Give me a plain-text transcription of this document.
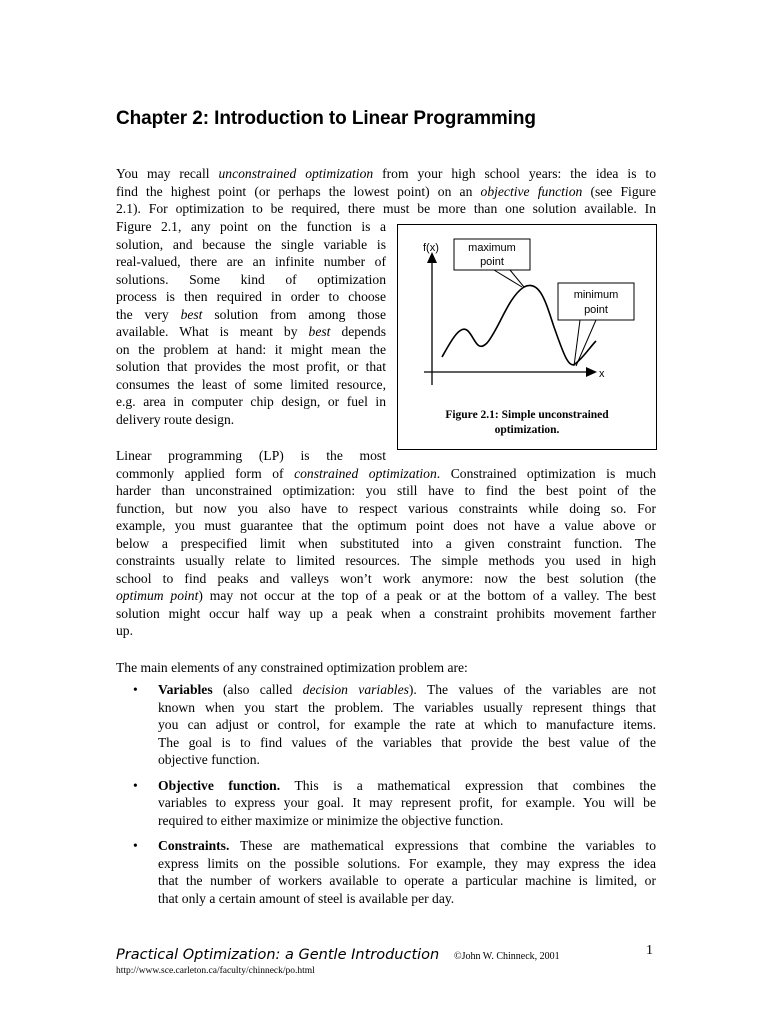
Chapter 2: Introduction to Linear Programming
You may recall unconstrained optimization from your high school years: the idea is to
find the highest point (or perhaps the lowest point) on an objective function (see Figure
2.1). For optimization to be required, there must be more than one solution available. In
Figure 2.1, any point on the function is a
solution, and because the single variable is
real-valued, there are an infinite number of
solutions. Some kind of optimization
process is then required in order to choose
the very best solution from among those
available. What is meant by best depends
on the problem at hand: it might mean the
solution that provides the most profit, or that
consumes the least of some limited resource,
e.g. area in computer chip design, or fuel in
delivery route design.
f(x)
x
maximum
point
minimum
point
Figure 2.1: Simple unconstrained
optimization.
Linear programming (LP) is the most
commonly applied form of constrained optimization. Constrained optimization is much
harder than unconstrained optimization: you still have to find the best point of the
function, but now you also have to respect various constraints while doing so. For
example, you must guarantee that the optimum point does not have a value above or
below a prespecified limit when substituted into a given constraint function. The
constraints usually relate to limited resources. The simple methods you used in high
school to find peaks and valleys won’t work anymore: now the best solution (the
optimum point) may not occur at the top of a peak or at the bottom of a valley. The best
solution might occur half way up a peak when a constraint prohibits movement farther
up.
The main elements of any constrained optimization problem are:
• Variables (also called decision variables). The values of the variables are not
known when you start the problem. The variables usually represent things that
you can adjust or control, for example the rate at which to manufacture items.
The goal is to find values of the variables that provide the best value of the
objective function.
• Objective function. This is a mathematical expression that combines the
variables to express your goal. It may represent profit, for example. You will be
required to either maximize or minimize the objective function.
• Constraints. These are mathematical expressions that combine the variables to
express limits on the possible solutions. For example, they may express the idea
that the number of workers available to operate a particular machine is limited, or
that only a certain amount of steel is available per day.
Practical Optimization: a Gentle Introduction ©John W. Chinneck, 2001
http://www.sce.carleton.ca/faculty/chinneck/po.html
1
